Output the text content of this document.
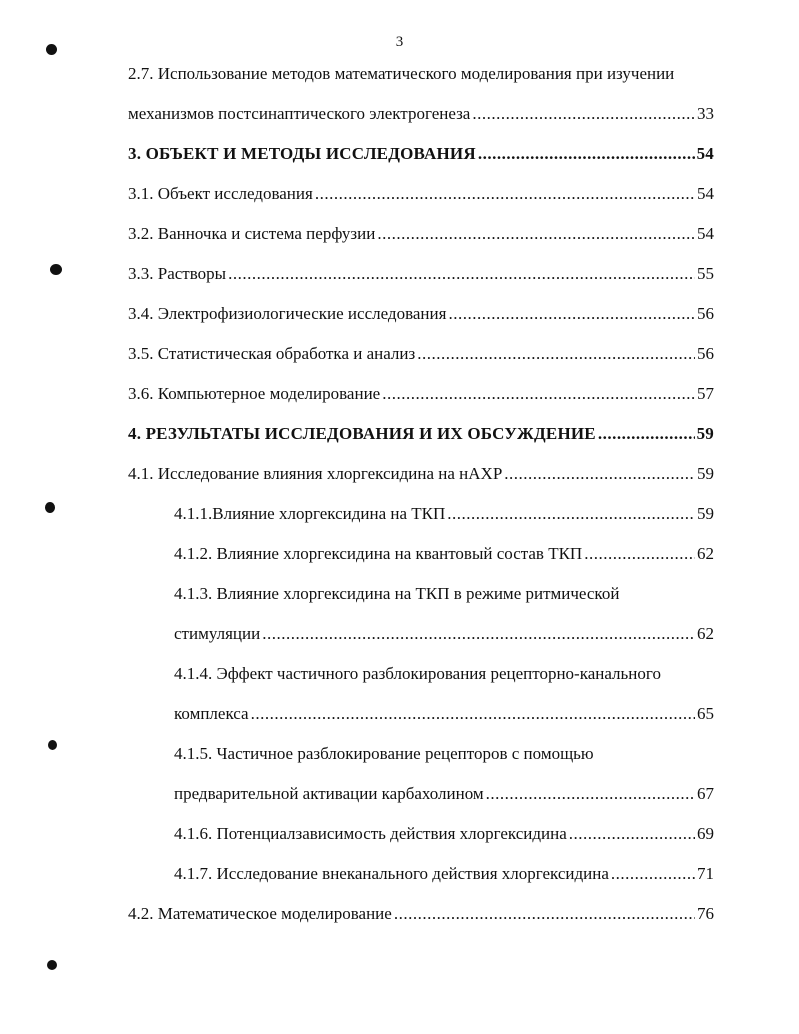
3
2.7. Использование методов математического моделирования при изучении
механизмов постсинаптического электрогенеза .....	33
3. ОБЪЕКТ И МЕТОДЫ ИССЛЕДОВАНИЯ .....	54
3.1. Объект исследования .....	54
3.2. Ванночка и система перфузии .....	54
3.3. Растворы .....	55
3.4. Электрофизиологические исследования .....	56
3.5. Статистическая обработка и анализ .....	56
3.6. Компьютерное моделирование .....	57
4. РЕЗУЛЬТАТЫ ИССЛЕДОВАНИЯ И ИХ ОБСУЖДЕНИЕ .....	59
4.1. Исследование влияния хлоргексидина на нАХР .....	59
4.1.1.Влияние хлоргексидина на ТКП .....	59
4.1.2. Влияние хлоргексидина на квантовый состав ТКП .....	62
4.1.3. Влияние хлоргексидина на ТКП в режиме ритмической
стимуляции .....	62
4.1.4. Эффект частичного разблокирования рецепторно-канального
комплекса .....	65
4.1.5. Частичное разблокирование рецепторов с помощью
предварительной активации карбахолином .....	67
4.1.6. Потенциалзависимость действия хлоргексидина .....	69
4.1.7. Исследование внеканального действия хлоргексидина .....	71
4.2. Математическое моделирование .....	76
